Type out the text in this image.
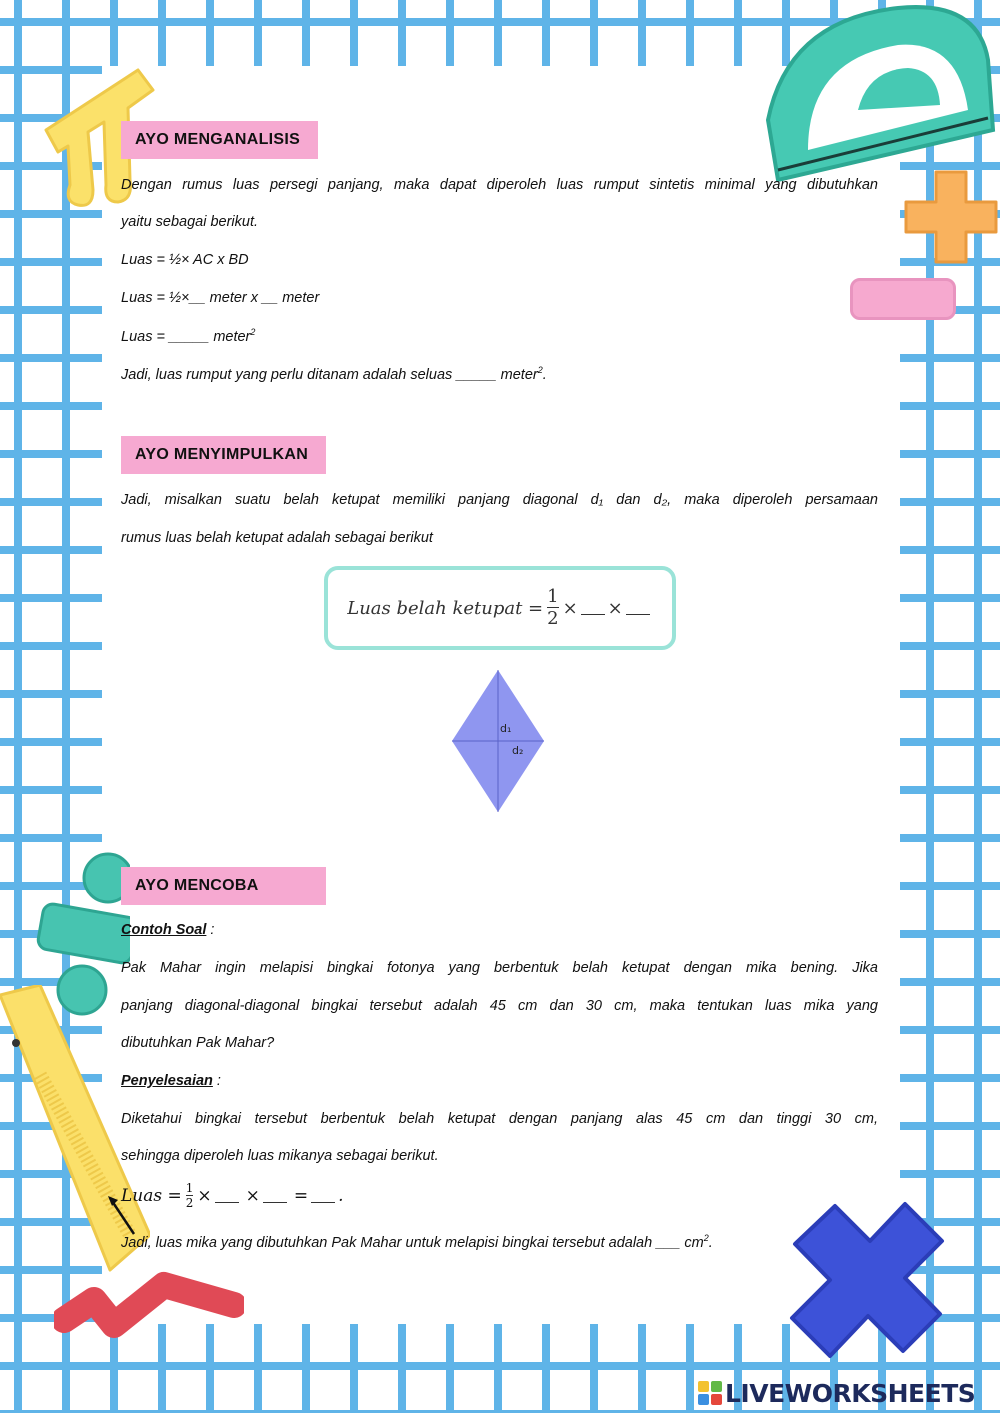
AYO MENGANALISIS
Dengan rumus luas persegi panjang, maka dapat diperoleh luas rumput sintetis minimal yang dibutuhkan
yaitu sebagai berikut.
Luas = ½× AC x BD
Luas = ½×__ meter x __ meter
Luas = _____ meter$^2$
Jadi, luas rumput yang perlu ditanam adalah seluas _____ meter$^2$.
AYO MENYIMPULKAN
Jadi, misalkan suatu belah ketupat memiliki panjang diagonal d₁ dan d₂, maka diperoleh persamaan
rumus luas belah ketupat adalah sebagai berikut
Luas belah ketupat = $\frac{1}{2}$ × ×
d₁
d₂
AYO MENCOBA
Contoh Soal :
Pak Mahar ingin melapisi bingkai fotonya yang berbentuk belah ketupat dengan mika bening. Jika
panjang diagonal-diagonal bingkai tersebut adalah 45 cm dan 30 cm, maka tentukan luas mika yang
dibutuhkan Pak Mahar?
Penyelesaian :
Diketahui bingkai tersebut berbentuk belah ketupat dengan panjang alas 45 cm dan tinggi 30 cm,
sehingga diperoleh luas mikanya sebagai berikut.
Luas = $\frac{1}{2}$ × × = .
Jadi, luas mika yang dibutuhkan Pak Mahar untuk melapisi bingkai tersebut adalah ___ $cm^2$.
LIVEWORKSHEETS
